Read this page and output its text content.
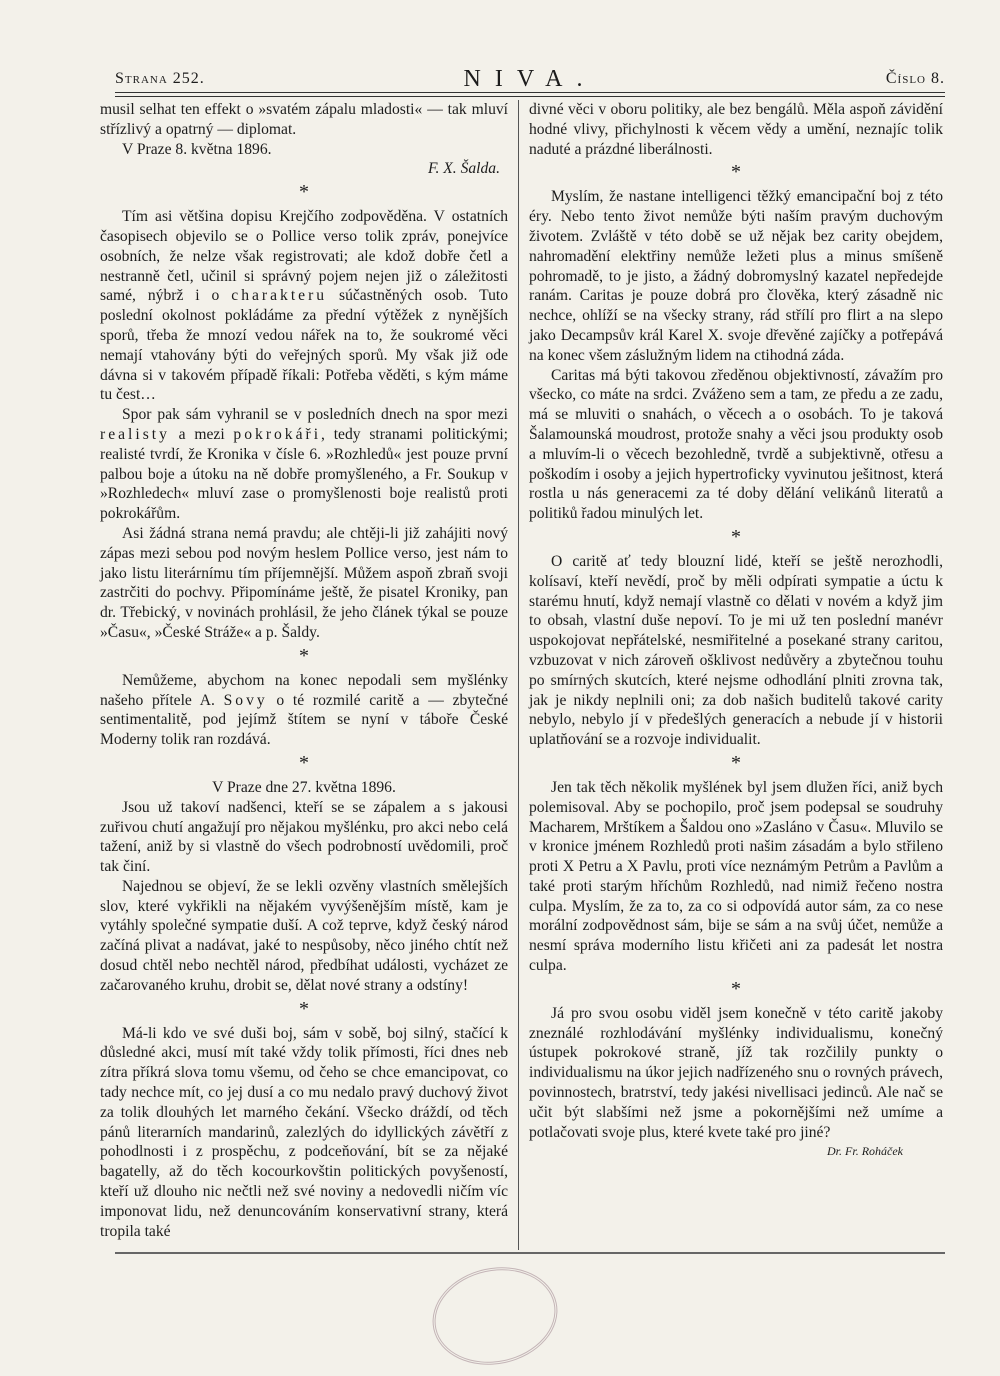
Strana 252.	NIVA.	Číslo 8.

musil selhat ten effekt o »svatém zápalu mladosti« — tak mluví střízlivý a opatrný — diplomat.

V Praze 8. května 1896.

F. X. Šalda.

*

Tím asi většina dopisu Krejčího zodpověděna. V ostatních časopisech objevilo se o Pollice verso tolik zpráv, ponejvíce osobních, že nelze však registrovati; ale kdož dobře četl a nestranně četl, učinil si správný pojem nejen již o záležitosti samé, nýbrž i o charakteru súčastněných osob. Tuto poslední okolnost pokládáme za přední výtěžek z nynějších sporů, třeba že mnozí vedou nářek na to, že soukromé věci nemají vtahovány býti do veřejných sporů. My však již ode dávna si v takovém případě říkali: Potřeba věděti, s kým máme tu čest…

Spor pak sám vyhranil se v posledních dnech na spor mezi realisty a mezi pokrokáři, tedy stranami politickými; realisté tvrdí, že Kronika v čísle 6. »Rozhledů« jest pouze první palbou boje a útoku na ně dobře promyšleného, a Fr. Soukup v »Rozhledech« mluví zase o promyšlenosti boje realistů proti pokrokářům.

Asi žádná strana nemá pravdu; ale chtěji-li již zahájiti nový zápas mezi sebou pod novým heslem Pollice verso, jest nám to jako listu literárnímu tím příjemnější. Můžem aspoň zbraň svoji zastrčiti do pochvy. Připomínáme ještě, že pisatel Kroniky, pan dr. Třebický, v novinách prohlásil, že jeho článek týkal se pouze »Času«, »České Stráže« a p. Šaldy.

*

Nemůžeme, abychom na konec nepodali sem myšlénky našeho přítele A. Sovy o té rozmilé caritě a — zbytečné sentimentalitě, pod jejímž štítem se nyní v táboře České Moderny tolik ran rozdává.

*

V Praze dne 27. května 1896.

Jsou už takoví nadšenci, kteří se se zápalem a s jakousi zuřivou chutí angažují pro nějakou myšlénku, pro akci nebo celá tažení, aniž by si vlastně do všech podrobností uvědomili, proč tak činí.

Najednou se objeví, že se lekli ozvěny vlastních smělejších slov, které vykřikli na nějakém vyvýšenějším místě, kam je vytáhly společné sympatie duší. A což teprve, když český národ začíná plivat a nadávat, jaké to nespůsoby, něco jiného chtít než dosud chtěl nebo nechtěl národ, předbíhat události, vycházet ze začarovaného kruhu, drobit se, dělat nové strany a odstíny!

*

Má-li kdo ve své duši boj, sám v sobě, boj silný, stačící k důsledné akci, musí mít také vždy tolik přímosti, říci dnes neb zítra příkrá slova tomu všemu, od čeho se chce emancipovat, co tady nechce mít, co jej dusí a co mu nedalo pravý duchový život za tolik dlouhých let marného čekání. Všecko dráždí, od těch pánů literarních mandarinů, zalezlých do idyllických závětří z pohodlnosti i z prospěchu, z podceňování, bít se za nějaké bagatelly, až do těch kocourkovštin politických povyšeností, kteří už dlouho nic nečtli než své noviny a nedovedli ničím víc imponovat lidu, než denuncováním konservativní strany, která tropila také

divné věci v oboru politiky, ale bez bengálů. Měla aspoň závidění hodné vlivy, přichylnosti k věcem vědy a umění, neznajíc tolik naduté a prázdné liberálnosti.

*

Myslím, že nastane intelligenci těžký emancipační boj z této éry. Nebo tento život nemůže býti naším pravým duchovým životem. Zvláště v této době se už nějak bez carity obejdem, nahromadění elektřiny nemůže ležeti plus a minus smíšeně pohromadě, to je jisto, a žádný dobromyslný kazatel nepředejde ranám. Caritas je pouze dobrá pro člověka, který zásadně nic nechce, ohlíží se na všecky strany, rád střílí pro flirt a na slepo jako Decampsův král Karel X. svoje dřevěné zajíčky a potřepává na konec všem záslužným lidem na ctihodná záda.

Caritas má býti takovou zředěnou objektivností, závažím pro všecko, co máte na srdci. Zváženo sem a tam, ze předu a ze zadu, má se mluviti o snahách, o věcech a o osobách. To je taková Šalamounská moudrost, protože snahy a věci jsou produkty osob a mluvím-li o věcech bezohledně, tvrdě a subjektivně, otřesu a poškodím i osoby a jejich hypertroficky vyvinutou ješitnost, která rostla u nás generacemi za té doby dělání velikánů literatů a politiků řadou minulých let.

*

O caritě ať tedy blouzní lidé, kteří se ještě nerozhodli, kolísaví, kteří nevědí, proč by měli odpírati sympatie a úctu k starému hnutí, když nemají vlastně co dělati v novém a když jim to obsah, vlastní duše nepoví. To je mi už ten poslední manévr uspokojovat nepřátelské, nesmiřitelné a posekané strany caritou, vzbuzovat v nich zároveň ošklivost nedůvěry a zbytečnou touhu po smírných skutcích, které nejsme odhodlání plniti zrovna tak, jak je nikdy neplnili oni; za dob našich buditelů takové carity nebylo, nebylo jí v předešlých generacích a nebude jí v historii uplatňování se a rozvoje individualit.

*

Jen tak těch několik myšlének byl jsem dlužen říci, aniž bych polemisoval. Aby se pochopilo, proč jsem podepsal se soudruhy Macharem, Mrštíkem a Šaldou ono »Zasláno v Času«. Mluvilo se v kronice jménem Rozhledů proti našim zásadám a bylo střileno proti X Petru a X Pavlu, proti více neznámým Petrům a Pavlům a také proti starým hříchům Rozhledů, nad nimiž řečeno nostra culpa. Myslím, že za to, za co si odpovídá autor sám, za co nese morální zodpovědnost sám, bije se sám a na svůj účet, nemůže a nesmí správa moderního listu křičeti ani za padesát let nostra culpa.

*

Já pro svou osobu viděl jsem konečně v této caritě jakoby zneználé rozhlodávání myšlénky individualismu, konečný ústupek pokrokové straně, jíž tak rozčilily punkty o individualismu na úkor jejich nadřízeného snu o rovných právech, povinnostech, bratrství, tedy jakési nivellisaci jedinců. Ale nač se učit být slabšími než jsme a pokornějšími než umíme a potlačovati svoje plus, které kvete také pro jiné?

Dr. Fr. Roháček
